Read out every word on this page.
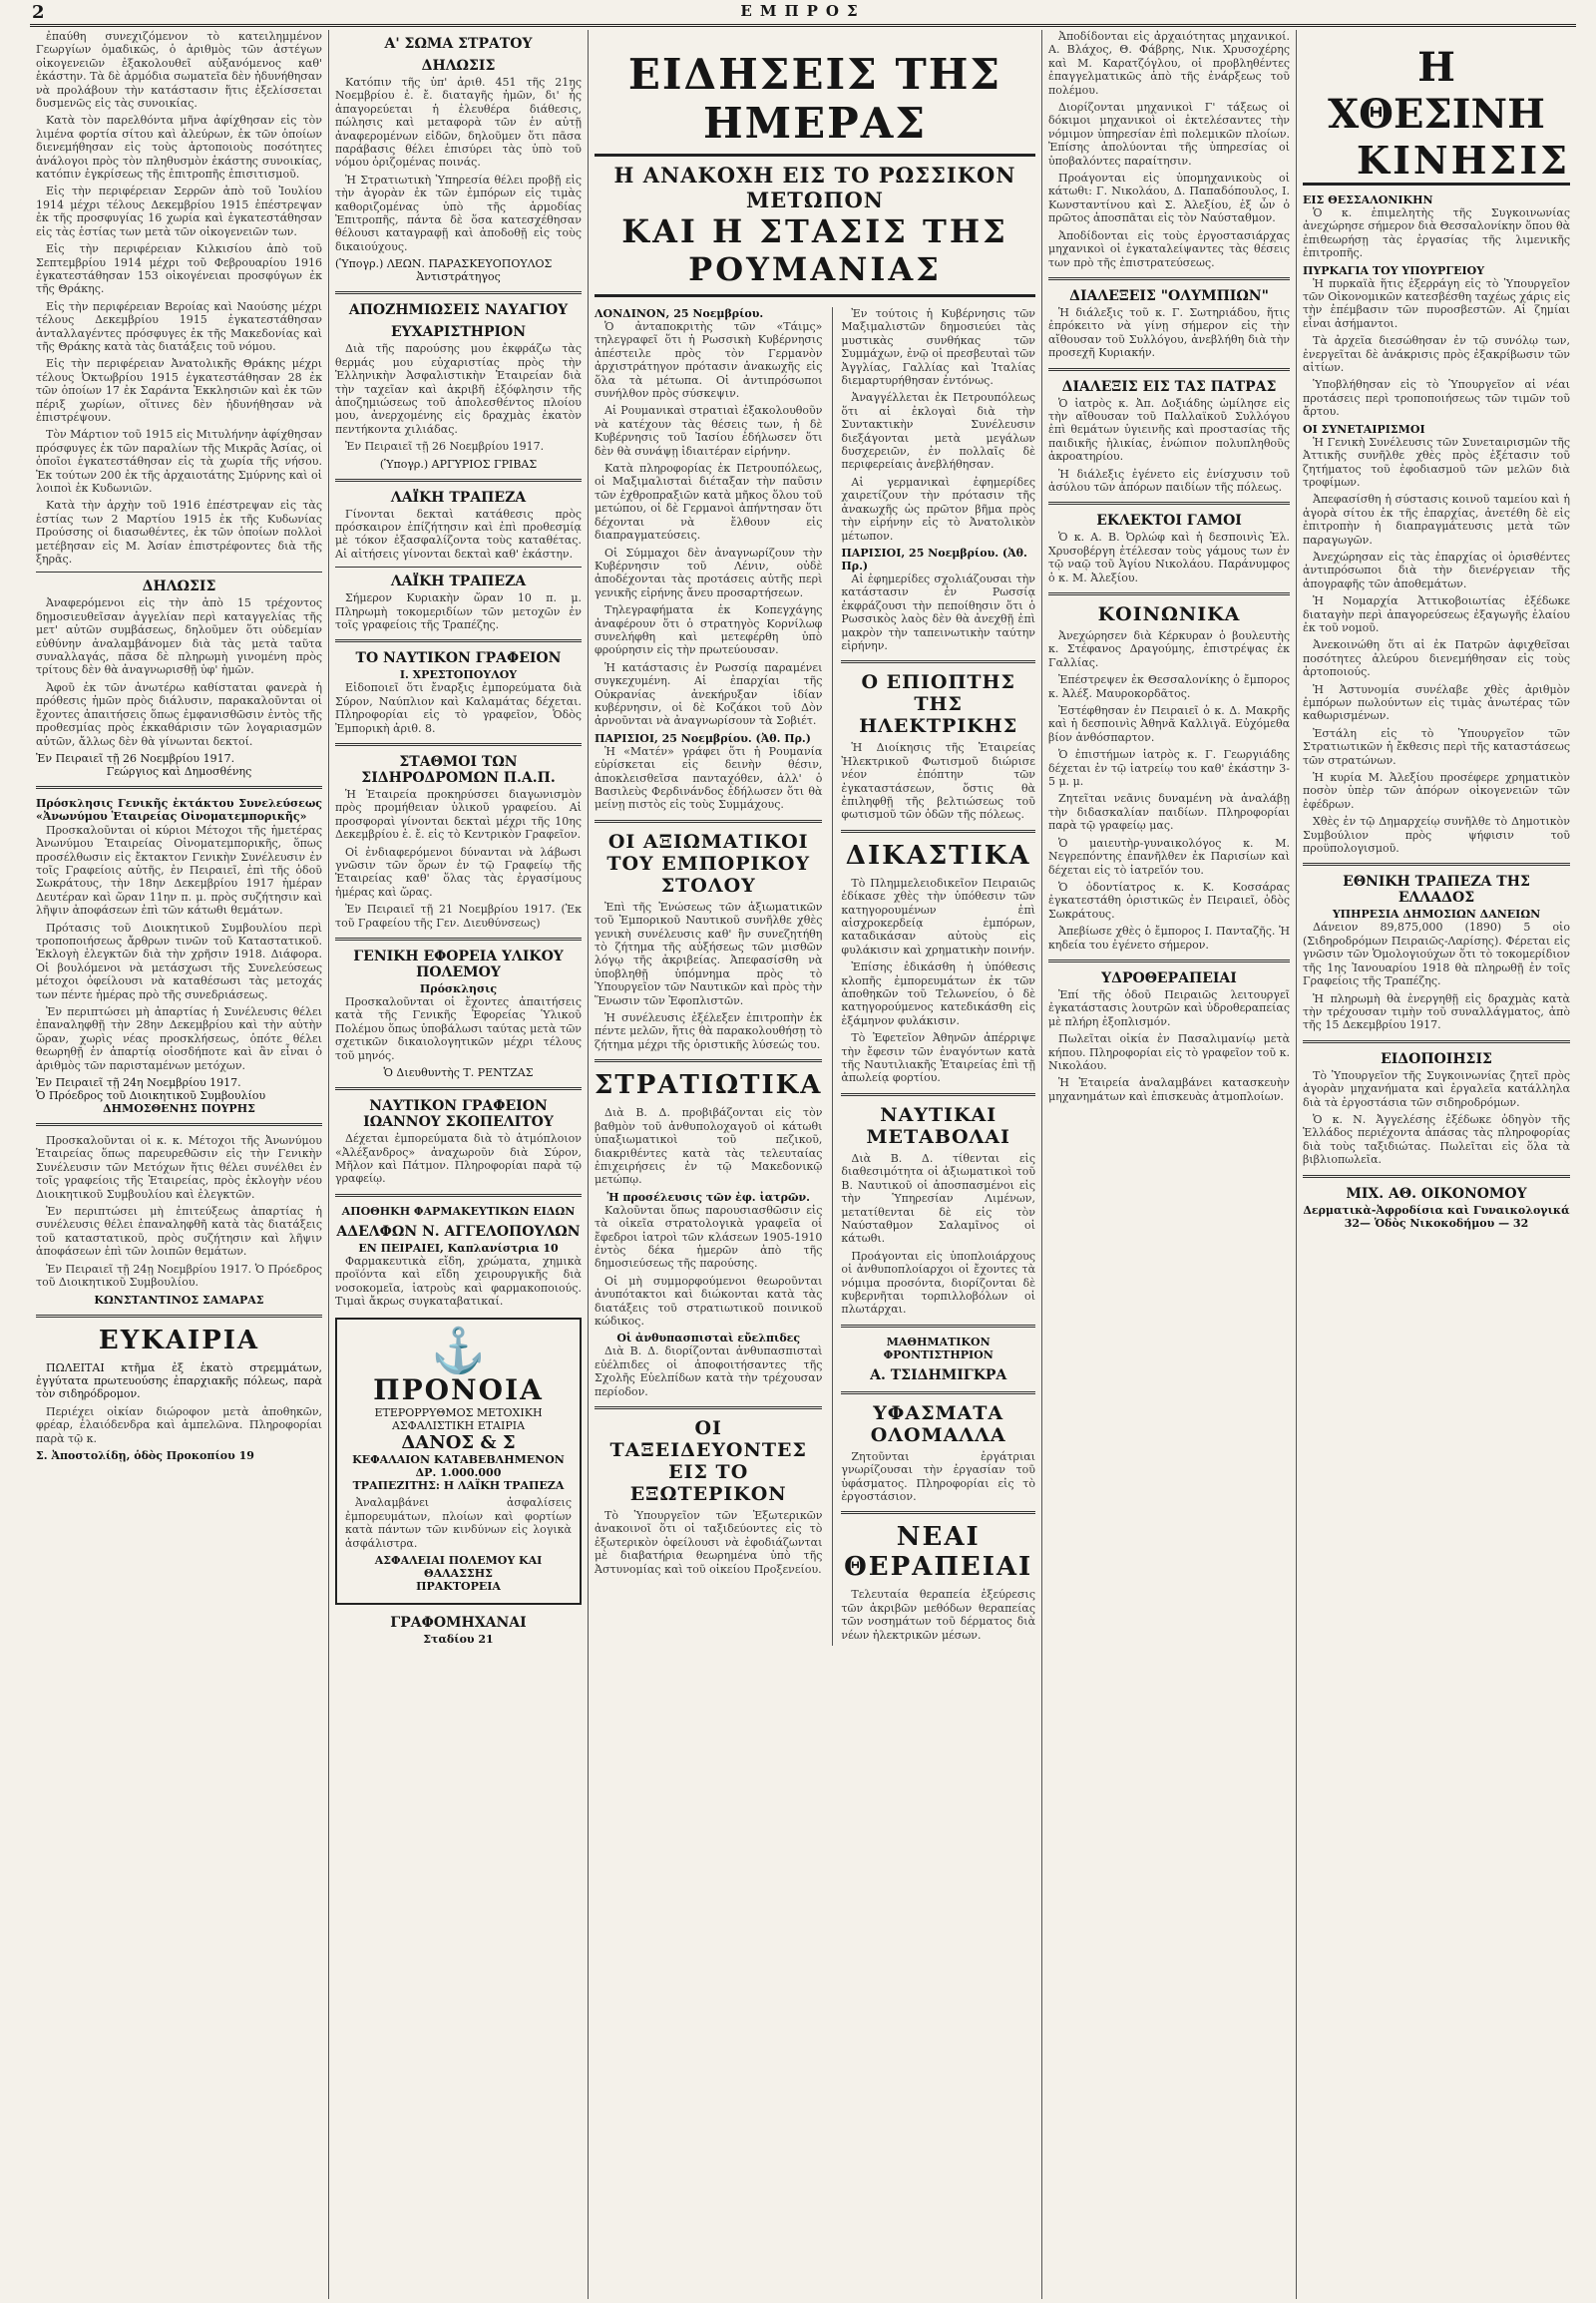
2	ΕΜΠΡΟΣ

ἐπαύθη συνεχιζόμενον τὸ κατειλημμένον Γεωργίων ὁμαδικῶς, ὁ ἀριθμὸς τῶν ἀστέγων οἰκογενειῶν ἐξακολουθεῖ αὐξανόμενος καθ' ἑκάστην. Τὰ δὲ ἀρμόδια σωματεῖα δὲν ἠδυνήθησαν νὰ προλάβουν τὴν κατάστασιν ἥτις ἐξελίσσεται δυσμενῶς εἰς τὰς συνοικίας.

Κατὰ τὸν παρελθόντα μῆνα ἀφίχθησαν εἰς τὸν λιμένα φορτία σίτου καὶ ἀλεύρων, ἐκ τῶν ὁποίων διενεμήθησαν εἰς τοὺς ἀρτοποιοὺς ποσότητες ἀνάλογοι πρὸς τὸν πληθυσμὸν ἑκάστης συνοικίας, κατόπιν ἐγκρίσεως τῆς ἐπιτροπῆς ἐπισιτισμοῦ.

Εἰς τὴν περιφέρειαν Σερρῶν ἀπὸ τοῦ Ἰουλίου 1914 μέχρι τέλους Δεκεμβρίου 1915 ἐπέστρεψαν ἐκ τῆς προσφυγίας 16 χωρία καὶ ἐγκατεστάθησαν εἰς τὰς ἑστίας των μετὰ τῶν οἰκογενειῶν των.

Εἰς τὴν περιφέρειαν Κιλκισίου ἀπὸ τοῦ Σεπτεμβρίου 1914 μέχρι τοῦ Φεβρουαρίου 1916 ἐγκατεστάθησαν 153 οἰκογένειαι προσφύγων ἐκ τῆς Θράκης.

Εἰς τὴν περιφέρειαν Βεροίας καὶ Ναούσης μέχρι τέλους Δεκεμβρίου 1915 ἐγκατεστάθησαν ἀνταλλαγέντες πρόσφυγες ἐκ τῆς Μακεδονίας καὶ τῆς Θράκης κατὰ τὰς διατάξεις τοῦ νόμου.

Εἰς τὴν περιφέρειαν Ἀνατολικῆς Θράκης μέχρι τέλους Ὀκτωβρίου 1915 ἐγκατεστάθησαν 28 ἐκ τῶν ὁποίων 17 ἐκ Σαράντα Ἐκκλησιῶν καὶ ἐκ τῶν πέριξ χωρίων, οἵτινες δὲν ἠδυνήθησαν νὰ ἐπιστρέψουν.

Τὸν Μάρτιον τοῦ 1915 εἰς Μιτυλήνην ἀφίχθησαν πρόσφυγες ἐκ τῶν παραλίων τῆς Μικρᾶς Ἀσίας, οἱ ὁποῖοι ἐγκατεστάθησαν εἰς τὰ χωρία τῆς νήσου. Ἐκ τούτων 200 ἐκ τῆς ἀρχαιοτάτης Σμύρνης καὶ οἱ λοιποὶ ἐκ Κυδωνιῶν.

Κατὰ τὴν ἀρχὴν τοῦ 1916 ἐπέστρεψαν εἰς τὰς ἑστίας των 2 Μαρτίου 1915 ἐκ τῆς Κυδωνίας Προύσσης οἱ διασωθέντες, ἐκ τῶν ὁποίων πολλοὶ μετέβησαν εἰς Μ. Ἀσίαν ἐπιστρέφοντες διὰ τῆς ξηρᾶς.

ΔΗΛΩΣΙΣ

Ἀναφερόμενοι εἰς τὴν ἀπὸ 15 τρέχοντος δημοσιευθεῖσαν ἀγγελίαν περὶ καταγγελίας τῆς μετ' αὐτῶν συμβάσεως, δηλοῦμεν ὅτι οὐδεμίαν εὐθύνην ἀναλαμβάνομεν διὰ τὰς μετὰ ταῦτα συναλλαγάς, πᾶσα δὲ πληρωμὴ γινομένη πρὸς τρίτους δὲν θὰ ἀναγνωρισθῇ ὑφ' ἡμῶν.

Ἀφοῦ ἐκ τῶν ἀνωτέρω καθίσταται φανερὰ ἡ πρόθεσις ἡμῶν πρὸς διάλυσιν, παρακαλοῦνται οἱ ἔχοντες ἀπαιτήσεις ὅπως ἐμφανισθῶσιν ἐντὸς τῆς προθεσμίας πρὸς ἐκκαθάρισιν τῶν λογαριασμῶν αὐτῶν, ἄλλως δὲν θὰ γίνωνται δεκτοί.

Ἐν Πειραιεῖ τῇ 26 Νοεμβρίου 1917.
Γεώργιος καὶ Δημοσθένης
Πρόσκλησις Γενικῆς ἐκτάκτου Συνελεύσεως «Ἀνωνύμου Ἑταιρείας Οἰνοματεμπορικῆς»

Προσκαλοῦνται οἱ κύριοι Μέτοχοι τῆς ἡμετέρας Ἀνωνύμου Ἑταιρείας Οἰνοματεμπορικῆς, ὅπως προσέλθωσιν εἰς ἔκτακτον Γενικὴν Συνέλευσιν ἐν τοῖς Γραφείοις αὐτῆς, ἐν Πειραιεῖ, ἐπὶ τῆς ὁδοῦ Σωκράτους, τὴν 18ην Δεκεμβρίου 1917 ἡμέραν Δευτέραν καὶ ὥραν 11ην π. μ. πρὸς συζήτησιν καὶ λῆψιν ἀποφάσεων ἐπὶ τῶν κάτωθι θεμάτων.

Πρότασις τοῦ Διοικητικοῦ Συμβουλίου περὶ τροποποιήσεως ἄρθρων τινῶν τοῦ Καταστατικοῦ. Ἐκλογὴ ἐλεγκτῶν διὰ τὴν χρῆσιν 1918. Διάφορα. Οἱ βουλόμενοι νὰ μετάσχωσι τῆς Συνελεύσεως μέτοχοι ὀφείλουσι νὰ καταθέσωσι τὰς μετοχάς των πέντε ἡμέρας πρὸ τῆς συνεδριάσεως.

Ἐν περιπτώσει μὴ ἀπαρτίας ἡ Συνέλευσις θέλει ἐπαναληφθῇ τὴν 28ην Δεκεμβρίου καὶ τὴν αὐτὴν ὥραν, χωρὶς νέας προσκλήσεως, ὁπότε θέλει θεωρηθῇ ἐν ἀπαρτίᾳ οἱοσδήποτε καὶ ἂν εἶναι ὁ ἀριθμὸς τῶν παρισταμένων μετόχων.

Ἐν Πειραιεῖ τῇ 24η Νοεμβρίου 1917.
Ὁ Πρόεδρος τοῦ Διοικητικοῦ Συμβουλίου
ΔΗΜΟΣΘΕΝΗΣ ΠΟΥΡΗΣ

Προσκαλοῦνται οἱ κ. κ. Μέτοχοι τῆς Ἀνωνύμου Ἑταιρείας ὅπως παρευρεθῶσιν εἰς τὴν Γενικὴν Συνέλευσιν τῶν Μετόχων ἥτις θέλει συνέλθει ἐν τοῖς γραφείοις τῆς Ἑταιρείας, πρὸς ἐκλογὴν νέου Διοικητικοῦ Συμβουλίου καὶ ἐλεγκτῶν.

Ἐν περιπτώσει μὴ ἐπιτεύξεως ἀπαρτίας ἡ συνέλευσις θέλει ἐπαναληφθῆ κατὰ τὰς διατάξεις τοῦ καταστατικοῦ, πρὸς συζήτησιν καὶ λῆψιν ἀποφάσεων ἐπὶ τῶν λοιπῶν θεμάτων.

Ἐν Πειραιεῖ τῇ 24ῃ Νοεμβρίου 1917. Ὁ Πρόεδρος τοῦ Διοικητικοῦ Συμβουλίου.

ΚΩΝΣΤΑΝΤΙΝΟΣ ΣΑΜΑΡΑΣ
ΕΥΚΑΙΡΙΑ

ΠΩΛΕΙΤΑΙ κτῆμα ἐξ ἑκατὸ στρεμμάτων, ἐγγύτατα πρωτευούσης ἐπαρχιακῆς πόλεως, παρὰ τὸν σιδηρόδρομον.

Περιέχει οἰκίαν διώροφον μετὰ ἀποθηκῶν, φρέαρ, ἐλαιόδενδρα καὶ ἀμπελῶνα. Πληροφορίαι παρὰ τῷ κ.

Σ. Ἀποστολίδῃ, ὁδὸς Προκοπίου 19
Α' ΣΩΜΑ ΣΤΡΑΤΟΥ
ΔΗΛΩΣΙΣ

Κατόπιν τῆς ὑπ' ἀριθ. 451 τῆς 21ης Νοεμβρίου ἐ. ἔ. διαταγῆς ἡμῶν, δι' ἧς ἀπαγορεύεται ἡ ἐλευθέρα διάθεσις, πώλησις καὶ μεταφορὰ τῶν ἐν αὐτῇ ἀναφερομένων εἰδῶν, δηλοῦμεν ὅτι πᾶσα παράβασις θέλει ἐπισύρει τὰς ὑπὸ τοῦ νόμου ὁριζομένας ποινάς.

Ἡ Στρατιωτικὴ Ὑπηρεσία θέλει προβῇ εἰς τὴν ἀγορὰν ἐκ τῶν ἐμπόρων εἰς τιμὰς καθοριζομένας ὑπὸ τῆς ἁρμοδίας Ἐπιτροπῆς, πάντα δὲ ὅσα κατεσχέθησαν θέλουσι καταγραφῇ καὶ ἀποδοθῇ εἰς τοὺς δικαιούχους.

(Ὑπογρ.) ΛΕΩΝ. ΠΑΡΑΣΚΕΥΟΠΟΥΛΟΣ
Ἀντιστράτηγος
ΑΠΟΖΗΜΙΩΣΕΙΣ ΝΑΥΑΓΙΟΥ
ΕΥΧΑΡΙΣΤΗΡΙΟΝ

Διὰ τῆς παρούσης μου ἐκφράζω τὰς θερμάς μου εὐχαριστίας πρὸς τὴν Ἑλληνικὴν Ἀσφαλιστικὴν Ἑταιρείαν διὰ τὴν ταχεῖαν καὶ ἀκριβῆ ἐξόφλησιν τῆς ἀποζημιώσεως τοῦ ἀπολεσθέντος πλοίου μου, ἀνερχομένης εἰς δραχμὰς ἑκατὸν πεντήκοντα χιλιάδας.

Ἐν Πειραιεῖ τῇ 26 Νοεμβρίου 1917.

(Ὑπογρ.) ΑΡΓΥΡΙΟΣ ΓΡΙΒΑΣ
ΛΑΪΚΗ ΤΡΑΠΕΖΑ

Γίνονται δεκταὶ κατάθεσις πρὸς πρόσκαιρον ἐπίζήτησιν καὶ ἐπὶ προθεσμίᾳ μὲ τόκον ἐξασφαλίζοντα τοὺς καταθέτας. Αἱ αἰτήσεις γίνονται δεκταὶ καθ' ἑκάστην.

ΛΑΪΚΗ ΤΡΑΠΕΖΑ

Σήμερον Κυριακὴν ὥραν 10 π. μ. Πληρωμὴ τοκομεριδίων τῶν μετοχῶν ἐν τοῖς γραφείοις τῆς Τραπέζης.

ΤΟ ΝΑΥΤΙΚΟΝ ΓΡΑΦΕΙΟΝ
Ι. ΧΡΕΣΤΟΠΟΥΛΟΥ

Εἰδοποιεῖ ὅτι ἔναρξις ἐμπορεύματα διὰ Σύρον, Ναύπλιον καὶ Καλαμάτας δέχεται. Πληροφορίαι εἰς τὸ γραφεῖον, Ὁδὸς Ἐμπορικὴ ἀριθ. 8.

ΣΤΑΘΜΟΙ ΤΩΝ ΣΙΔΗΡΟΔΡΟΜΩΝ Π.Α.Π.

Ἡ Ἑταιρεία προκηρύσσει διαγωνισμὸν πρὸς προμήθειαν ὑλικοῦ γραφείου. Αἱ προσφοραὶ γίνονται δεκταὶ μέχρι τῆς 10ης Δεκεμβρίου ἐ. ἔ. εἰς τὸ Κεντρικὸν Γραφεῖον.

Οἱ ἐνδιαφερόμενοι δύνανται νὰ λάβωσι γνῶσιν τῶν ὅρων ἐν τῷ Γραφείῳ τῆς Ἑταιρείας καθ' ὅλας τὰς ἐργασίμους ἡμέρας καὶ ὥρας.

Ἐν Πειραιεῖ τῇ 21 Νοεμβρίου 1917. (Ἐκ τοῦ Γραφείου τῆς Γεν. Διευθύνσεως)

ΓΕΝΙΚΗ ΕΦΟΡΕΙΑ ΥΛΙΚΟΥ ΠΟΛΕΜΟΥ
Πρόσκλησις

Προσκαλοῦνται οἱ ἔχοντες ἀπαιτήσεις κατὰ τῆς Γενικῆς Ἐφορείας Ὑλικοῦ Πολέμου ὅπως ὑποβάλωσι ταύτας μετὰ τῶν σχετικῶν δικαιολογητικῶν μέχρι τέλους τοῦ μηνός.

Ὁ Διευθυντὴς Τ. ΡΕΝΤΖΑΣ
ΝΑΥΤΙΚΟΝ ΓΡΑΦΕΙΟΝ ΙΩΑΝΝΟΥ ΣΚΟΠΕΛΙΤΟΥ

Δέχεται ἐμπορεύματα διὰ τὸ ἀτμόπλοιον «Ἀλέξανδρος» ἀναχωροῦν διὰ Σύρον, Μῆλον καὶ Πάτμον. Πληροφορίαι παρὰ τῷ γραφείῳ.

ΑΠΟΘΗΚΗ ΦΑΡΜΑΚΕΥΤΙΚΩΝ ΕΙΔΩΝ
ΑΔΕΛΦΩΝ Ν. ΑΓΓΕΛΟΠΟΥΛΩΝ
ΕΝ ΠΕΙΡΑΙΕΙ, Καπλανίστρια 10

Φαρμακευτικὰ εἴδη, χρώματα, χημικὰ προϊόντα καὶ εἴδη χειρουργικῆς διὰ νοσοκομεῖα, ἰατροὺς καὶ φαρμακοποιούς. Τιμαὶ ἄκρως συγκαταβατικαί.

⚓
ΠΡΟΝΟΙΑ
ΕΤΕΡΟΡΡΥΘΜΟΣ ΜΕΤΟΧΙΚΗ ΑΣΦΑΛΙΣΤΙΚΗ ΕΤΑΙΡΙΑ
ΔΑΝΟΣ & Σ
ΚΕΦΑΛΑΙΟΝ ΚΑΤΑΒΕΒΛΗΜΕΝΟΝ ΔΡ. 1.000.000
ΤΡΑΠΕΖΙΤΗΣ: Η ΛΑΪΚΗ ΤΡΑΠΕΖΑ

Ἀναλαμβάνει ἀσφαλίσεις ἐμπορευμάτων, πλοίων καὶ φορτίων κατὰ πάντων τῶν κινδύνων εἰς λογικὰ ἀσφάλιστρα.

ΑΣΦΑΛΕΙΑΙ ΠΟΛΕΜΟΥ ΚΑΙ ΘΑΛΑΣΣΗΣ
ΠΡΑΚΤΟΡΕΙΑ
ΓΡΑΦΟΜΗΧΑΝΑΙ
Σταδίου 21
ΕΙΔΗΣΕΙΣ ΤΗΣ ΗΜΕΡΑΣ
Η ΑΝΑΚΟΧΗ ΕΙΣ ΤΟ ΡΩΣΣΙΚΟΝ ΜΕΤΩΠΟΝ
ΚΑΙ Η ΣΤΑΣΙΣ ΤΗΣ ΡΟΥΜΑΝΙΑΣ
ΛΟΝΔΙΝΟΝ, 25 Νοεμβρίου.

Ὁ ἀνταποκριτὴς τῶν «Τάιμς» τηλεγραφεῖ ὅτι ἡ Ρωσσικὴ Κυβέρνησις ἀπέστειλε πρὸς τὸν Γερμανὸν ἀρχιστράτηγον πρότασιν ἀνακωχῆς εἰς ὅλα τὰ μέτωπα. Οἱ ἀντιπρόσωποι συνήλθον πρὸς σύσκεψιν.

Αἱ Ρουμανικαὶ στρατιαὶ ἐξακολουθοῦν νὰ κατέχουν τὰς θέσεις των, ἡ δὲ Κυβέρνησις τοῦ Ἰασίου ἐδήλωσεν ὅτι δὲν θὰ συνάψῃ ἰδιαιτέραν εἰρήνην.

Κατὰ πληροφορίας ἐκ Πετρουπόλεως, οἱ Μαξιμαλισταὶ διέταξαν τὴν παῦσιν τῶν ἐχθροπραξιῶν κατὰ μῆκος ὅλου τοῦ μετώπου, οἱ δὲ Γερμανοὶ ἀπήντησαν ὅτι δέχονται νὰ ἔλθουν εἰς διαπραγματεύσεις.

Οἱ Σύμμαχοι δὲν ἀναγνωρίζουν τὴν Κυβέρνησιν τοῦ Λένιν, οὐδὲ ἀποδέχονται τὰς προτάσεις αὐτῆς περὶ γενικῆς εἰρήνης ἄνευ προσαρτήσεων.

Τηλεγραφήματα ἐκ Κοπεγχάγης ἀναφέρουν ὅτι ὁ στρατηγὸς Κορνίλωφ συνελήφθη καὶ μετεφέρθη ὑπὸ φρούρησιν εἰς τὴν πρωτεύουσαν.

Ἡ κατάστασις ἐν Ρωσσίᾳ παραμένει συγκεχυμένη. Αἱ ἐπαρχίαι τῆς Οὐκρανίας ἀνεκήρυξαν ἰδίαν κυβέρνησιν, οἱ δὲ Κοζάκοι τοῦ Δὸν ἀρνοῦνται νὰ ἀναγνωρίσουν τὰ Σοβιέτ.

ΠΑΡΙΣΙΟΙ, 25 Νοεμβρίου. (Ἀθ. Πρ.)

Ἡ «Ματέν» γράφει ὅτι ἡ Ρουμανία εὑρίσκεται εἰς δεινὴν θέσιν, ἀποκλεισθεῖσα πανταχόθεν, ἀλλ' ὁ Βασιλεὺς Φερδινάνδος ἐδήλωσεν ὅτι θὰ μείνῃ πιστὸς εἰς τοὺς Συμμάχους.

ΟΙ ΑΞΙΩΜΑΤΙΚΟΙ ΤΟΥ ΕΜΠΟΡΙΚΟΥ ΣΤΟΛΟΥ

Ἐπὶ τῆς Ἑνώσεως τῶν ἀξιωματικῶν τοῦ Ἐμπορικοῦ Ναυτικοῦ συνῆλθε χθὲς γενικὴ συνέλευσις καθ' ἣν συνεζητήθη τὸ ζήτημα τῆς αὐξήσεως τῶν μισθῶν λόγῳ τῆς ἀκριβείας. Ἀπεφασίσθη νὰ ὑποβληθῇ ὑπόμνημα πρὸς τὸ Ὑπουργεῖον τῶν Ναυτικῶν καὶ πρὸς τὴν Ἕνωσιν τῶν Ἐφοπλιστῶν.

Ἡ συνέλευσις ἐξέλεξεν ἐπιτροπὴν ἐκ πέντε μελῶν, ἥτις θὰ παρακολουθήσῃ τὸ ζήτημα μέχρι τῆς ὁριστικῆς λύσεώς του.

ΣΤΡΑΤΙΩΤΙΚΑ

Διὰ Β. Δ. προβιβάζονται εἰς τὸν βαθμὸν τοῦ ἀνθυπολοχαγοῦ οἱ κάτωθι ὑπαξιωματικοὶ τοῦ πεζικοῦ, διακριθέντες κατὰ τὰς τελευταίας ἐπιχειρήσεις ἐν τῷ Μακεδονικῷ μετώπῳ.

Ἡ προσέλευσις τῶν ἐφ. ἰατρῶν.

Καλοῦνται ὅπως παρουσιασθῶσιν εἰς τὰ οἰκεῖα στρατολογικὰ γραφεῖα οἱ ἔφεδροι ἰατροὶ τῶν κλάσεων 1905-1910 ἐντὸς δέκα ἡμερῶν ἀπὸ τῆς δημοσιεύσεως τῆς παρούσης.

Οἱ μὴ συμμορφούμενοι θεωροῦνται ἀνυπότακτοι καὶ διώκονται κατὰ τὰς διατάξεις τοῦ στρατιωτικοῦ ποινικοῦ κώδικος.

Οἱ ἀνθυπασπισταὶ εὔελπιδες

Διὰ Β. Δ. διορίζονται ἀνθυπασπισταὶ εὐέλπιδες οἱ ἀποφοιτήσαντες τῆς Σχολῆς Εὐελπίδων κατὰ τὴν τρέχουσαν περίοδον.

ΟΙ ΤΑΞΕΙΔΕΥΟΝΤΕΣ ΕΙΣ ΤΟ ΕΞΩΤΕΡΙΚΟΝ

Τὸ Ὑπουργεῖον τῶν Ἐξωτερικῶν ἀνακοινοῖ ὅτι οἱ ταξιδεύοντες εἰς τὸ ἐξωτερικὸν ὀφείλουσι νὰ ἐφοδιάζωνται μὲ διαβατήρια θεωρημένα ὑπὸ τῆς Ἀστυνομίας καὶ τοῦ οἰκείου Προξενείου.

Ἐν τούτοις ἡ Κυβέρνησις τῶν Μαξιμαλιστῶν δημοσιεύει τὰς μυστικὰς συνθήκας τῶν Συμμάχων, ἐνῷ οἱ πρεσβευταὶ τῶν Ἀγγλίας, Γαλλίας καὶ Ἰταλίας διεμαρτυρήθησαν ἐντόνως.

Ἀναγγέλλεται ἐκ Πετρουπόλεως ὅτι αἱ ἐκλογαὶ διὰ τὴν Συντακτικὴν Συνέλευσιν διεξάγονται μετὰ μεγάλων δυσχερειῶν, ἐν πολλαῖς δὲ περιφερείαις ἀνεβλήθησαν.

Αἱ γερμανικαὶ ἐφημερίδες χαιρετίζουν τὴν πρότασιν τῆς ἀνακωχῆς ὡς πρῶτον βῆμα πρὸς τὴν εἰρήνην εἰς τὸ Ἀνατολικὸν μέτωπον.

ΠΑΡΙΣΙΟΙ, 25 Νοεμβρίου. (Ἀθ. Πρ.)

Αἱ ἐφημερίδες σχολιάζουσαι τὴν κατάστασιν ἐν Ρωσσίᾳ ἐκφράζουσι τὴν πεποίθησιν ὅτι ὁ Ρωσσικὸς λαὸς δὲν θὰ ἀνεχθῇ ἐπὶ μακρὸν τὴν ταπεινωτικὴν ταύτην εἰρήνην.

Ο ΕΠΙΟΠΤΗΣ ΤΗΣ ΗΛΕΚΤΡΙΚΗΣ

Ἡ Διοίκησις τῆς Ἑταιρείας Ἠλεκτρικοῦ Φωτισμοῦ διώρισε νέον ἐπόπτην τῶν ἐγκαταστάσεων, ὅστις θὰ ἐπιληφθῇ τῆς βελτιώσεως τοῦ φωτισμοῦ τῶν ὁδῶν τῆς πόλεως.

ΔΙΚΑΣΤΙΚΑ

Τὸ Πλημμελειοδικεῖον Πειραιῶς ἐδίκασε χθὲς τὴν ὑπόθεσιν τῶν κατηγορουμένων ἐπὶ αἰσχροκερδείᾳ ἐμπόρων, καταδικάσαν αὐτοὺς εἰς φυλάκισιν καὶ χρηματικὴν ποινήν.

Ἐπίσης ἐδικάσθη ἡ ὑπόθεσις κλοπῆς ἐμπορευμάτων ἐκ τῶν ἀποθηκῶν τοῦ Τελωνείου, ὁ δὲ κατηγορούμενος κατεδικάσθη εἰς ἑξάμηνον φυλάκισιν.

Τὸ Ἐφετεῖον Ἀθηνῶν ἀπέρριψε τὴν ἔφεσιν τῶν ἐναγόντων κατὰ τῆς Ναυτιλιακῆς Ἑταιρείας ἐπὶ τῇ ἀπωλείᾳ φορτίου.

ΝΑΥΤΙΚΑΙ ΜΕΤΑΒΟΛΑΙ

Διὰ Β. Δ. τίθενται εἰς διαθεσιμότητα οἱ ἀξιωματικοὶ τοῦ Β. Ναυτικοῦ οἱ ἀποσπασμένοι εἰς τὴν Ὑπηρεσίαν Λιμένων, μετατίθενται δὲ εἰς τὸν Ναύσταθμον Σαλαμῖνος οἱ κάτωθι.

Προάγονται εἰς ὑποπλοιάρχους οἱ ἀνθυποπλοίαρχοι οἱ ἔχοντες τὰ νόμιμα προσόντα, διορίζονται δὲ κυβερνῆται τορπιλλοβόλων οἱ πλωτάρχαι.

ΜΑΘΗΜΑΤΙΚΟΝ ΦΡΟΝΤΙΣΤΗΡΙΟΝ
Α. ΤΣΙΔΗΜΙΓΚΡΑ
ΥΦΑΣΜΑΤΑ ΟΛΟΜΑΛΛΑ

Ζητοῦνται ἐργάτριαι γνωρίζουσαι τὴν ἐργασίαν τοῦ ὑφάσματος. Πληροφορίαι εἰς τὸ ἐργοστάσιον.

ΝΕΑΙ ΘΕΡΑΠΕΙΑΙ

Τελευταία θεραπεία ἐξεύρεσις τῶν ἀκριβῶν μεθόδων θεραπείας τῶν νοσημάτων τοῦ δέρματος διὰ νέων ἠλεκτρικῶν μέσων.

Ἀποδίδονται εἰς ἀρχαιότητας μηχανικοί. Α. Βλάχος, Θ. Φάβρης, Νικ. Χρυσοχέρης καὶ Μ. Καρατζόγλου, οἱ προβληθέντες ἐπαγγελματικῶς ἀπὸ τῆς ἐνάρξεως τοῦ πολέμου.

Διορίζονται μηχανικοὶ Γ' τάξεως οἱ δόκιμοι μηχανικοὶ οἱ ἐκτελέσαντες τὴν νόμιμον ὑπηρεσίαν ἐπὶ πολεμικῶν πλοίων. Ἐπίσης ἀπολύονται τῆς ὑπηρεσίας οἱ ὑποβαλόντες παραίτησιν.

Προάγονται εἰς ὑπομηχανικοὺς οἱ κάτωθι: Γ. Νικολάου, Δ. Παπαδόπουλος, Ι. Κωνσταντίνου καὶ Σ. Ἀλεξίου, ἐξ ὧν ὁ πρῶτος ἀποσπᾶται εἰς τὸν Ναύσταθμον.

Ἀποδίδονται εἰς τοὺς ἐργοστασιάρχας μηχανικοὶ οἱ ἐγκαταλείψαντες τὰς θέσεις των πρὸ τῆς ἐπιστρατεύσεως.

ΔΙΑΛΕΞΕΙΣ "ΟΛΥΜΠΙΩΝ"

Ἡ διάλεξις τοῦ κ. Γ. Σωτηριάδου, ἥτις ἐπρόκειτο νὰ γίνῃ σήμερον εἰς τὴν αἴθουσαν τοῦ Συλλόγου, ἀνεβλήθη διὰ τὴν προσεχῆ Κυριακήν.

ΔΙΑΛΕΞΙΣ ΕΙΣ ΤΑΣ ΠΑΤΡΑΣ

Ὁ ἰατρὸς κ. Ἀπ. Δοξιάδης ὡμίλησε εἰς τὴν αἴθουσαν τοῦ Παλλαϊκοῦ Συλλόγου ἐπὶ θεμάτων ὑγιεινῆς καὶ προστασίας τῆς παιδικῆς ἡλικίας, ἐνώπιον πολυπληθοῦς ἀκροατηρίου.

Ἡ διάλεξις ἐγένετο εἰς ἐνίσχυσιν τοῦ ἀσύλου τῶν ἀπόρων παιδίων τῆς πόλεως.

ΕΚΛΕΚΤΟΙ ΓΑΜΟΙ

Ὁ κ. Α. Β. Ὀρλώφ καὶ ἡ δεσποινὶς Ἑλ. Χρυσοβέργη ἐτέλεσαν τοὺς γάμους των ἐν τῷ ναῷ τοῦ Ἁγίου Νικολάου. Παράνυμφος ὁ κ. Μ. Ἀλεξίου.

ΚΟΙΝΩΝΙΚΑ

Ἀνεχώρησεν διὰ Κέρκυραν ὁ βουλευτὴς κ. Στέφανος Δραγούμης, ἐπιστρέψας ἐκ Γαλλίας.

Ἐπέστρεψεν ἐκ Θεσσαλονίκης ὁ ἔμπορος κ. Ἀλέξ. Μαυροκορδᾶτος.

Ἐστέφθησαν ἐν Πειραιεῖ ὁ κ. Δ. Μακρῆς καὶ ἡ δεσποινὶς Ἀθηνᾶ Καλλιγᾶ. Εὐχόμεθα βίον ἀνθόσπαρτον.

Ὁ ἐπιστήμων ἰατρὸς κ. Γ. Γεωργιάδης δέχεται ἐν τῷ ἰατρείῳ του καθ' ἑκάστην 3-5 μ. μ.

Ζητεῖται νεᾶνις δυναμένη νὰ ἀναλάβῃ τὴν διδασκαλίαν παιδίων. Πληροφορίαι παρὰ τῷ γραφείῳ μας.

Ὁ μαιευτὴρ-γυναικολόγος κ. Μ. Νεγρεπόντης ἐπανῆλθεν ἐκ Παρισίων καὶ δέχεται εἰς τὸ ἰατρεῖόν του.

Ὁ ὀδοντίατρος κ. Κ. Κοσσάρας ἐγκατεστάθη ὁριστικῶς ἐν Πειραιεῖ, ὁδὸς Σωκράτους.

Ἀπεβίωσε χθὲς ὁ ἔμπορος Ι. Πανταζῆς. Ἡ κηδεία του ἐγένετο σήμερον.

ΥΔΡΟΘΕΡΑΠΕΙΑΙ

Ἐπί τῆς ὁδοῦ Πειραιῶς λειτουργεῖ ἐγκατάστασις λουτρῶν καὶ ὑδροθεραπείας μὲ πλήρη ἐξοπλισμόν.

Πωλεῖται οἰκία ἐν Πασαλιμανίῳ μετὰ κήπου. Πληροφορίαι εἰς τὸ γραφεῖον τοῦ κ. Νικολάου.

Ἡ Ἑταιρεία ἀναλαμβάνει κατασκευὴν μηχανημάτων καὶ ἐπισκευὰς ἀτμοπλοίων.

Η ΧΘΕΣΙΝΗ
ΚΙΝΗΣΙΣ
ΕΙΣ ΘΕΣΣΑΛΟΝΙΚΗΝ

Ὁ κ. ἐπιμελητὴς τῆς Συγκοινωνίας ἀνεχώρησε σήμερον διὰ Θεσσαλονίκην ὅπου θὰ ἐπιθεωρήσῃ τὰς ἐργασίας τῆς λιμενικῆς ἐπιτροπῆς.

ΠΥΡΚΑΓΙΑ ΤΟΥ ΥΠΟΥΡΓΕΙΟΥ

Ἡ πυρκαϊὰ ἥτις ἐξερράγη εἰς τὸ Ὑπουργεῖον τῶν Οἰκονομικῶν κατεσβέσθη ταχέως χάρις εἰς τὴν ἐπέμβασιν τῶν πυροσβεστῶν. Αἱ ζημίαι εἶναι ἀσήμαντοι.

Τὰ ἀρχεῖα διεσώθησαν ἐν τῷ συνόλῳ των, ἐνεργεῖται δὲ ἀνάκρισις πρὸς ἐξακρίβωσιν τῶν αἰτίων.

Ὑποβλήθησαν εἰς τὸ Ὑπουργεῖον αἱ νέαι προτάσεις περὶ τροποποιήσεως τῶν τιμῶν τοῦ ἄρτου.

ΟΙ ΣΥΝΕΤΑΙΡΙΣΜΟΙ

Ἡ Γενικὴ Συνέλευσις τῶν Συνεταιρισμῶν τῆς Ἀττικῆς συνῆλθε χθὲς πρὸς ἐξέτασιν τοῦ ζητήματος τοῦ ἐφοδιασμοῦ τῶν μελῶν διὰ τροφίμων.

Ἀπεφασίσθη ἡ σύστασις κοινοῦ ταμείου καὶ ἡ ἀγορὰ σίτου ἐκ τῆς ἐπαρχίας, ἀνετέθη δὲ εἰς ἐπιτροπὴν ἡ διαπραγμάτευσις μετὰ τῶν παραγωγῶν.

Ἀνεχώρησαν εἰς τὰς ἐπαρχίας οἱ ὁρισθέντες ἀντιπρόσωποι διὰ τὴν διενέργειαν τῆς ἀπογραφῆς τῶν ἀποθεμάτων.

Ἡ Νομαρχία Ἀττικοβοιωτίας ἐξέδωκε διαταγὴν περὶ ἀπαγορεύσεως ἐξαγωγῆς ἐλαίου ἐκ τοῦ νομοῦ.

Ἀνεκοινώθη ὅτι αἱ ἐκ Πατρῶν ἀφιχθεῖσαι ποσότητες ἀλεύρου διενεμήθησαν εἰς τοὺς ἀρτοποιούς.

Ἡ Ἀστυνομία συνέλαβε χθὲς ἀριθμὸν ἐμπόρων πωλούντων εἰς τιμὰς ἀνωτέρας τῶν καθωρισμένων.

Ἐστάλη εἰς τὸ Ὑπουργεῖον τῶν Στρατιωτικῶν ἡ ἔκθεσις περὶ τῆς καταστάσεως τῶν στρατώνων.

Ἡ κυρία Μ. Ἀλεξίου προσέφερε χρηματικὸν ποσὸν ὑπὲρ τῶν ἀπόρων οἰκογενειῶν τῶν ἐφέδρων.

Χθὲς ἐν τῷ Δημαρχείῳ συνῆλθε τὸ Δημοτικὸν Συμβούλιον πρὸς ψήφισιν τοῦ προϋπολογισμοῦ.

ΕΘΝΙΚΗ ΤΡΑΠΕΖΑ ΤΗΣ ΕΛΛΑΔΟΣ
ΥΠΗΡΕΣΙΑ ΔΗΜΟΣΙΩΝ ΔΑΝΕΙΩΝ

Δάνειον 89,875,000 (1890) 5 οἰο (Σιδηροδρόμων Πειραιῶς-Λαρίσης). Φέρεται εἰς γνῶσιν τῶν Ὁμολογιούχων ὅτι τὸ τοκομερίδιον τῆς 1ης Ἰανουαρίου 1918 θὰ πληρωθῇ ἐν τοῖς Γραφείοις τῆς Τραπέζης.

Ἡ πληρωμὴ θὰ ἐνεργηθῇ εἰς δραχμὰς κατὰ τὴν τρέχουσαν τιμὴν τοῦ συναλλάγματος, ἀπὸ τῆς 15 Δεκεμβρίου 1917.

ΕΙΔΟΠΟΙΗΣΙΣ

Τὸ Ὑπουργεῖον τῆς Συγκοινωνίας ζητεῖ πρὸς ἀγορὰν μηχανήματα καὶ ἐργαλεῖα κατάλληλα διὰ τὰ ἐργοστάσια τῶν σιδηροδρόμων.

Ὁ κ. Ν. Ἀγγελέσης ἐξέδωκε ὁδηγὸν τῆς Ἑλλάδος περιέχοντα ἀπάσας τὰς πληροφορίας διὰ τοὺς ταξιδιώτας. Πωλεῖται εἰς ὅλα τὰ βιβλιοπωλεῖα.

ΜΙΧ. ΑΘ. ΟΙΚΟΝΟΜΟΥ
Δερματικὰ-Ἀφροδίσια καὶ Γυναικολογικά
32— Ὁδὸς Νικοκοδήμου — 32
